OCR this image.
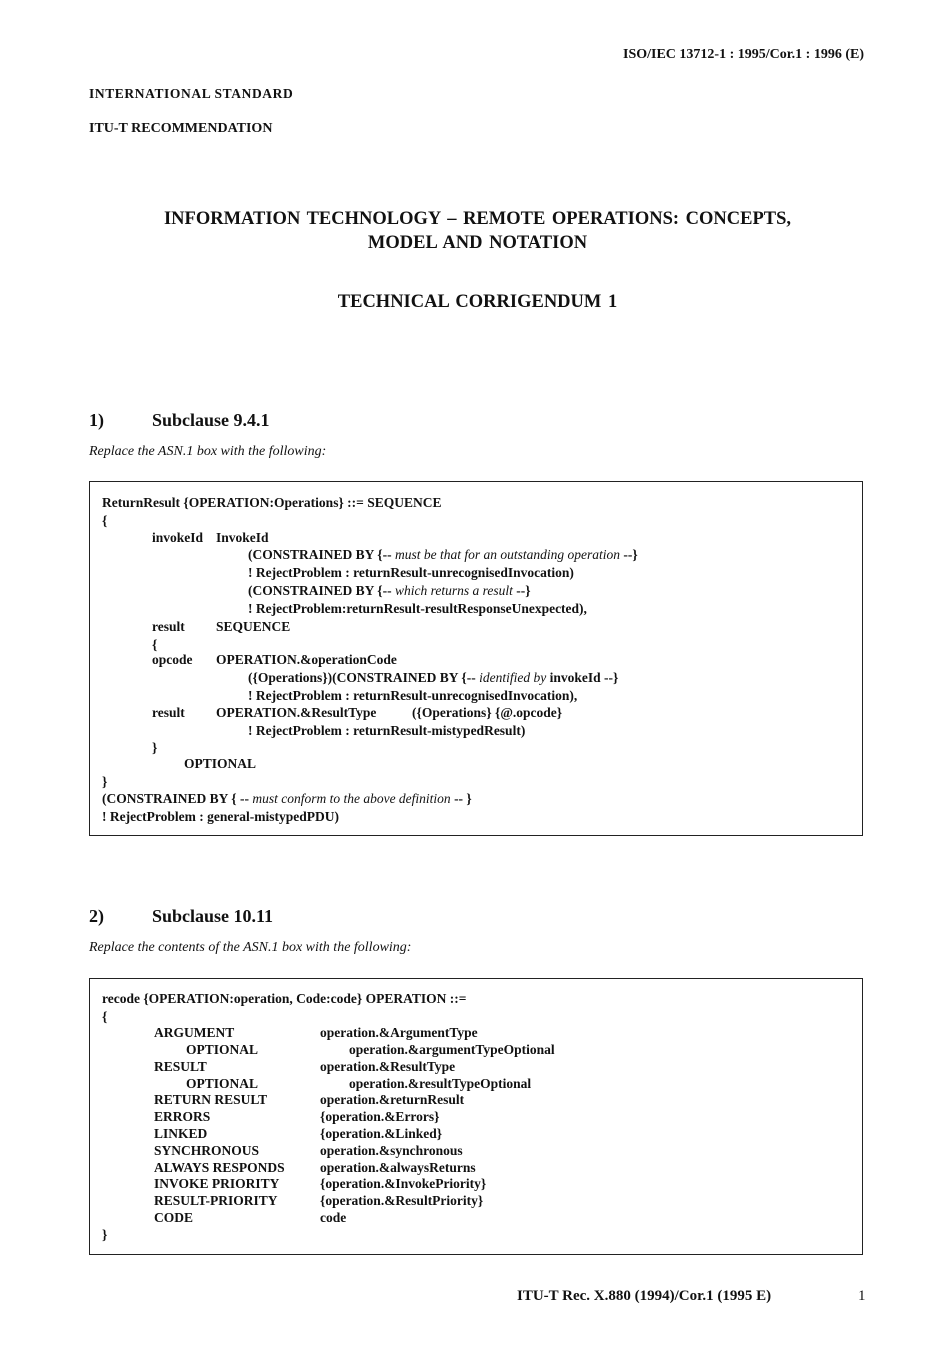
ISO/IEC 13712-1 : 1995/Cor.1 : 1996 (E)
INTERNATIONAL STANDARD
ITU-T RECOMMENDATION
INFORMATION TECHNOLOGY – REMOTE OPERATIONS: CONCEPTS,
MODEL AND NOTATION
TECHNICAL CORRIGENDUM 1
1)	Subclause 9.4.1
Replace the ASN.1 box with the following:
ReturnResult {OPERATION:Operations} ::= SEQUENCE
{
invokeId InvokeId
(CONSTRAINED BY {-- must be that for an outstanding operation --}
! RejectProblem : returnResult-unrecognisedInvocation)
(CONSTRAINED BY {-- which returns a result --}
! RejectProblem:returnResult-resultResponseUnexpected),
result SEQUENCE
{
opcode OPERATION.&operationCode
({Operations})(CONSTRAINED BY {-- identified by invokeId --}
! RejectProblem : returnResult-unrecognisedInvocation),
result OPERATION.&ResultType	({Operations} {@.opcode}
! RejectProblem : returnResult-mistypedResult)
}
OPTIONAL
}
(CONSTRAINED BY { -- must conform to the above definition -- }
! RejectProblem : general-mistypedPDU)
2)	Subclause 10.11
Replace the contents of the ASN.1 box with the following:
recode {OPERATION:operation, Code:code} OPERATION ::=
{
ARGUMENT	operation.&ArgumentType
OPTIONAL	operation.&argumentTypeOptional
RESULT	operation.&ResultType
OPTIONAL	operation.&resultTypeOptional
RETURN RESULT	operation.&returnResult
ERRORS	{operation.&Errors}
LINKED	{operation.&Linked}
SYNCHRONOUS	operation.&synchronous
ALWAYS RESPONDS	operation.&alwaysReturns
INVOKE PRIORITY	{operation.&InvokePriority}
RESULT-PRIORITY	{operation.&ResultPriority}
CODE	code
}
ITU-T Rec. X.880 (1994)/Cor.1 (1995 E)	1
